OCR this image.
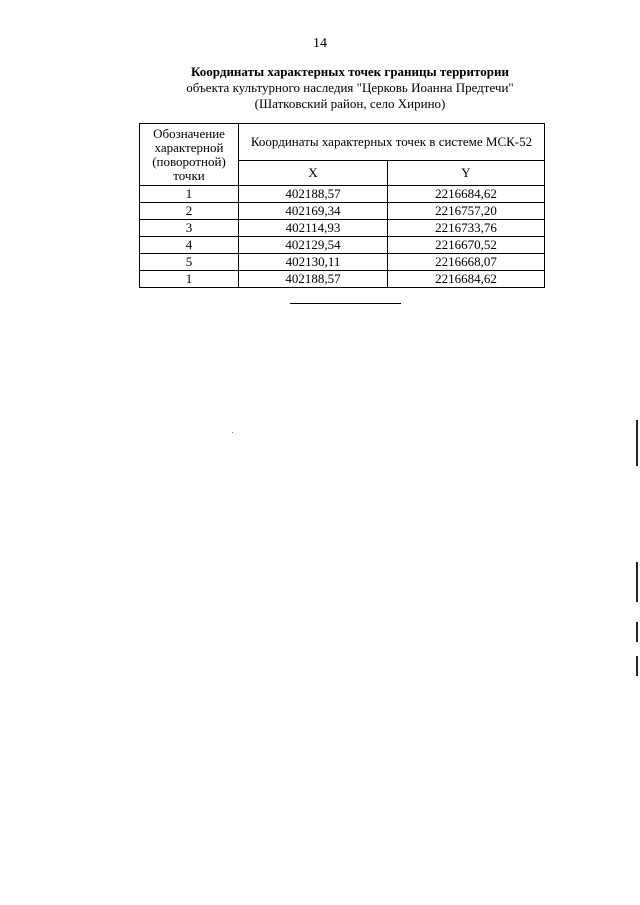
14
Координаты характерных точек границы территории
объекта культурного наследия "Церковь Иоанна Предтечи"
(Шатковский район, село Хирино)
Обозначение характерной (поворотной) точки	Координаты характерных точек в системе МСК-52	
	X	Y
1	402188,57	2216684,62
2	402169,34	2216757,20
3	402114,93	2216733,76
4	402129,54	2216670,52
5	402130,11	2216668,07
1	402188,57	2216684,62
